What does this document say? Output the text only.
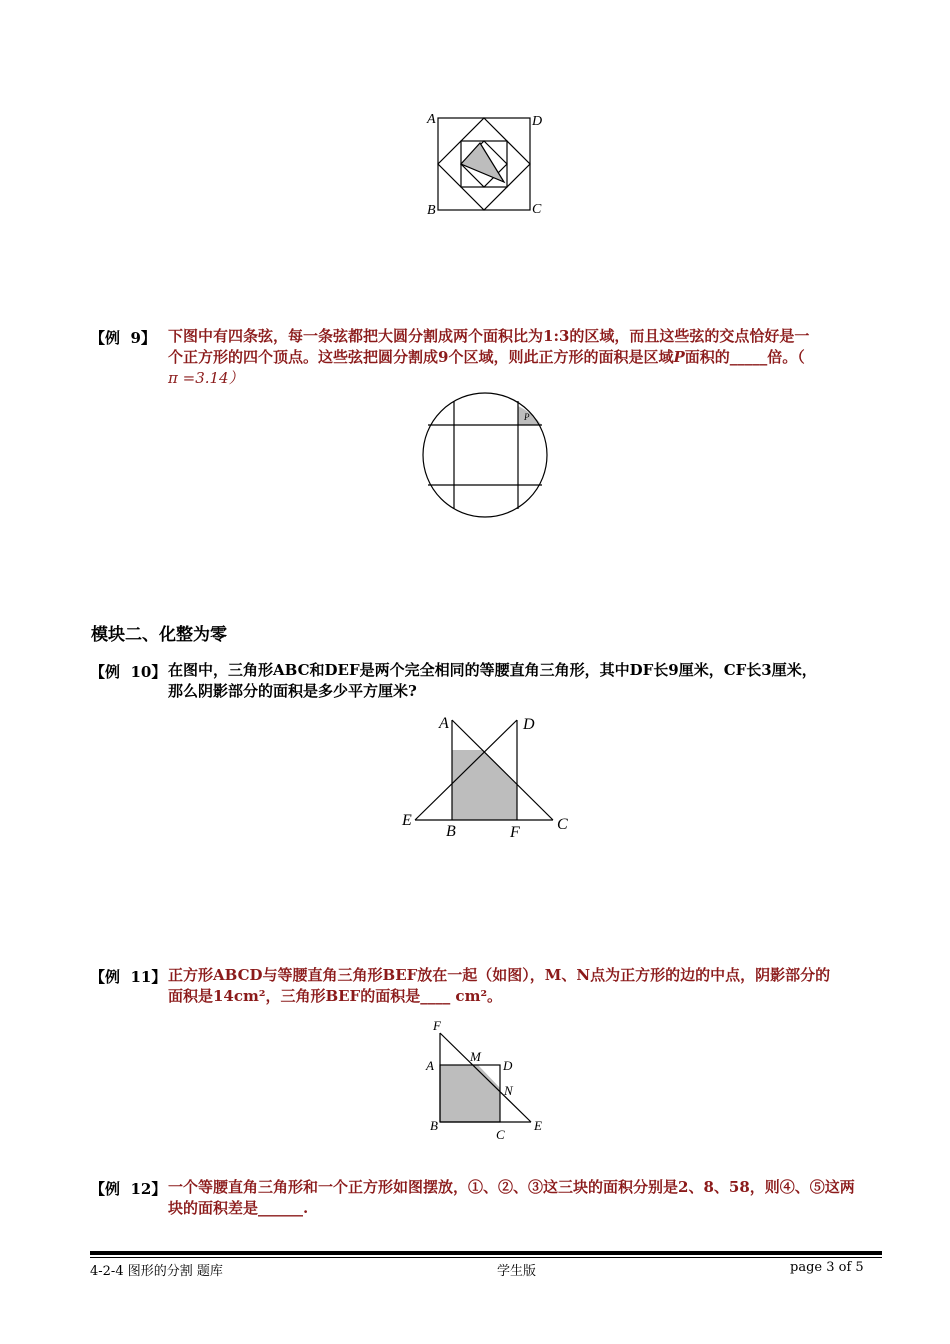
A	D
B	C
【例  9】 下图中有四条弦，每一条弦都把大圆分割成两个面积比为1:3的区域，而且这些弦的交点恰好是一
个正方形的四个顶点。这些弦把圆分割成9个区域，则此正方形的面积是区域P面积的_____倍。（
π =3.14）
P
模块二、化整为零
【例  10】 在图中，三角形ABC和DEF是两个完全相同的等腰直角三角形，其中DF长9厘米，CF长3厘米，
那么阴影部分的面积是多少平方厘米?
A	D
E
B	F C
【例  11】 正方形ABCD与等腰直角三角形BEF放在一起（如图），M、N点为正方形的边的中点，阴影部分的
面积是14cm²，三角形BEF的面积是____ cm²。
F
M
A	D
N
B
C
E
【例  12】 一个等腰直角三角形和一个正方形如图摆放，①、②、③这三块的面积分别是2、8、58，则④、⑤这两
块的面积差是______.
4-2-4 图形的分割 题库	学生版	page 3 of 5
